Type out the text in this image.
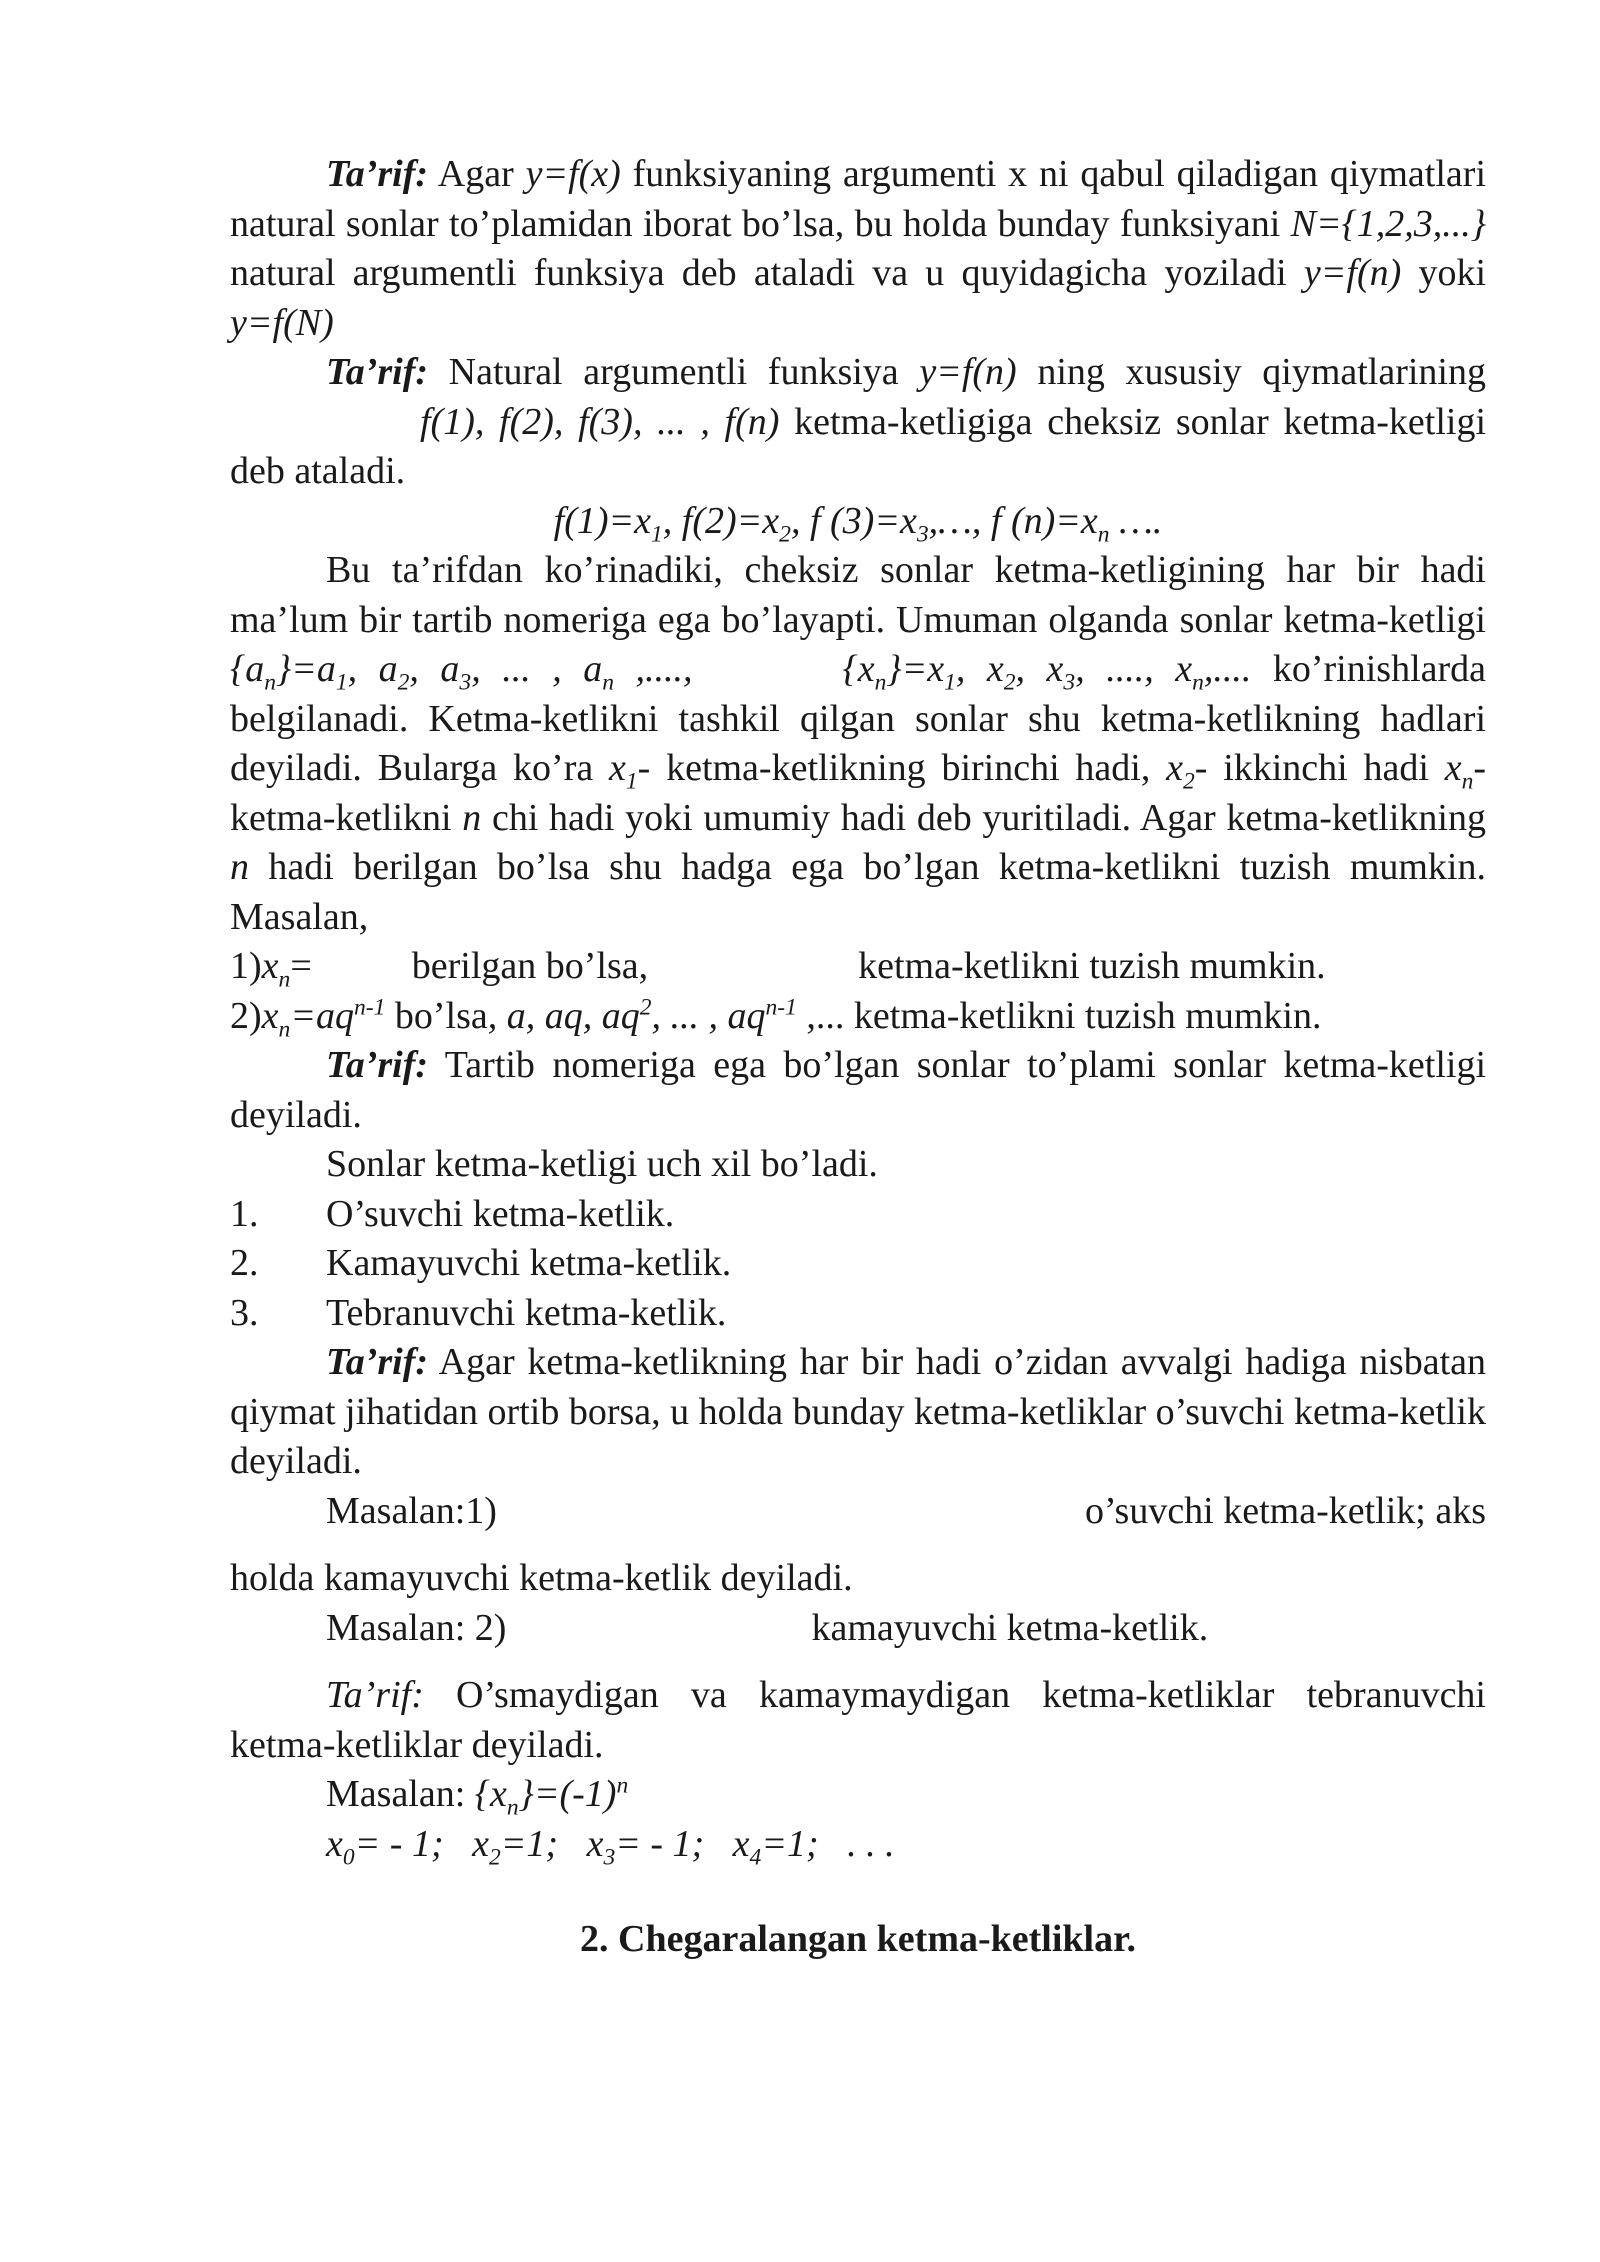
Ta’rif: Agar y=f(x) funksiyaning argumenti x ni qabul qiladigan qiymatlari natural sonlar to’plamidan iborat bo’lsa, bu holda bunday funksiyani N={1,2,3,...} natural argumentli funksiya deb ataladi va u quyidagicha yoziladi y=f(n) yoki y=f(N)

Ta’rif: Natural argumentli funksiya y=f(n) ning xususiy qiymatlariningf(1), f(2), f(3), ... , f(n) ketma-ketligiga cheksiz sonlar ketma-ketligi deb ataladi.

$f(1)=x_1$, $f(2)=x_2$, f $(3)=x_3,\dots$, f $(n)=x_n$ ….

Bu ta’rifdan ko’rinadiki, cheksiz sonlar ketma-ketligining har bir hadi ma’lum bir tartib nomeriga ega bo’layapti. Umuman olganda sonlar ketma-ketligi $\{a_n\}=a_1$, $a_2$, $a_3$, ... , $a_n$ ,....,	$\{x_n\}=x_1$, $x_2$, $x_3$, ...., $x_n$,.... ko’rinishlarda belgilanadi. Ketma-ketlikni tashkil qilgan sonlar shu ketma-ketlikning hadlari deyiladi. Bularga ko’ra $x_1-$ ketma-ketlikning birinchi hadi, $x_2-$ ikkinchi hadi $x_n-$ ketma-ketlikni n chi hadi yoki umumiy hadi deb yuritiladi. Agar ketma-ketlikning n hadi berilgan bo’lsa shu hadga ega bo’lgan ketma-ketlikni tuzish mumkin. Masalan,

1) $x_n$ =	berilgan bo’lsa,	ketma-ketlikni tuzish mumkin.
2) $x_n=aq^{n-1}$ bo’lsa , a, aq, $aq^2$, ... , $aq^{n-1}$ ,... ketma-ketlikni tuzish mumkin.

Ta’rif: Tartib nomeriga ega bo’lgan sonlar to’plami sonlar ketma-ketligi deyiladi.

Sonlar ketma-ketligi uch xil bo’ladi.

1.	O’suvchi ketma-ketlik.
2.	Kamayuvchi ketma-ketlik.
3.	Tebranuvchi ketma-ketlik.

Ta’rif: Agar ketma-ketlikning har bir hadi o’zidan avvalgi hadiga nisbatan qiymat jihatidan ortib borsa, u holda bunday ketma-ketliklar o’suvchi ketma-ketlik deyiladi.

Masalan:1)	o’suvchi ketma-ketlik; aks

holda kamayuvchi ketma-ketlik deyiladi.

Masalan: 2)	kamayuvchi ketma-ketlik.

Ta’rif: O’smaydigan va kamaymaydigan ketma-ketliklar tebranuvchi ketma-ketliklar deyiladi.

Masalan: $\{x_n\}=(-1)^n$

$x_0= - 1$; $x_2=1$; $x_3= - 1$; $x_4=1$; . . .

2. Chegaralangan ketma-ketliklar.
